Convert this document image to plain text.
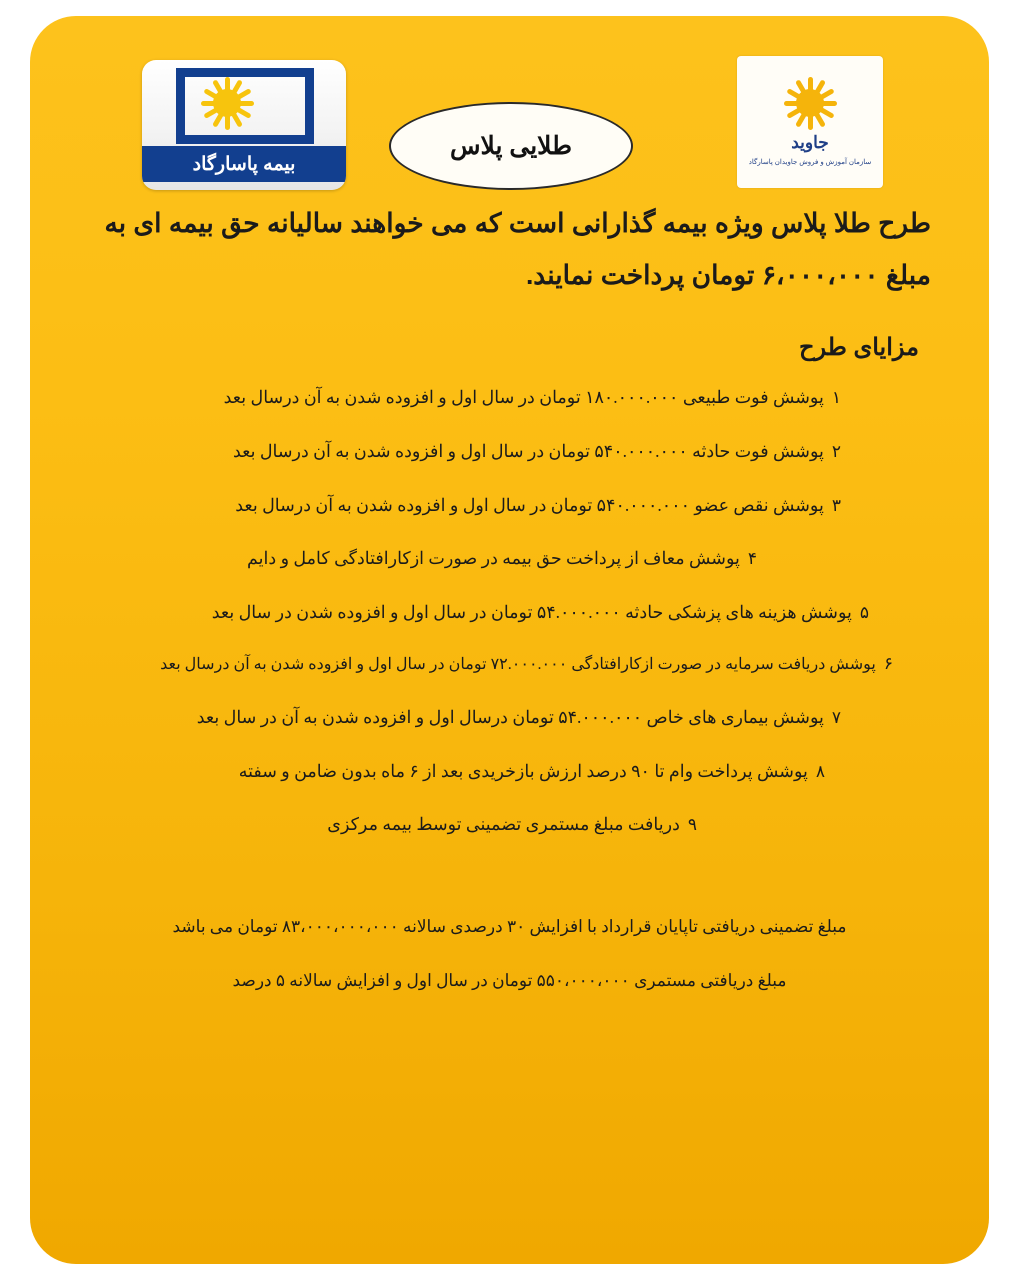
جاوید
سازمان آموزش و فروش جاویدان پاسارگاد
طلایی پلاس
بیمه پاسارگاد
طرح طلا پلاس ویژه بیمه گذارانی است که می خواهند سالیانه حق بیمه ای به مبلغ ۶،۰۰۰،۰۰۰ تومان پرداخت نمایند.
مزایای طرح
۱
پوشش فوت طبیعی ۱۸۰.۰۰۰.۰۰۰ تومان در سال اول و افزوده شدن به آن درسال بعد
۲
پوشش فوت حادثه ۵۴۰.۰۰۰.۰۰۰ تومان در سال اول و افزوده شدن به آن درسال بعد
۳
پوشش نقص عضو ۵۴۰.۰۰۰.۰۰۰ تومان در سال اول و افزوده شدن به آن درسال بعد
۴
پوشش معاف از پرداخت حق بیمه در صورت ازکارافتادگی کامل و دایم
۵
پوشش هزینه های پزشکی حادثه ۵۴.۰۰۰.۰۰۰ تومان در سال اول و افزوده شدن در سال بعد
۶
پوشش دریافت سرمایه در صورت ازکارافتادگی ۷۲.۰۰۰.۰۰۰ تومان در سال اول و افزوده شدن به آن درسال بعد
۷
پوشش بیماری های خاص ۵۴.۰۰۰.۰۰۰ تومان درسال اول و افزوده شدن به آن در سال بعد
۸
پوشش پرداخت وام تا ۹۰ درصد ارزش بازخریدی بعد از ۶ ماه بدون ضامن و سفته
۹
دریافت مبلغ مستمری تضمینی توسط بیمه مرکزی
مبلغ تضمینی دریافتی تاپایان قرارداد با افزایش ۳۰ درصدی سالانه ۸۳،۰۰۰،۰۰۰،۰۰۰ تومان می باشد
مبلغ دریافتی مستمری ۵۵۰،۰۰۰،۰۰۰ تومان در سال اول و افزایش سالانه ۵ درصد
